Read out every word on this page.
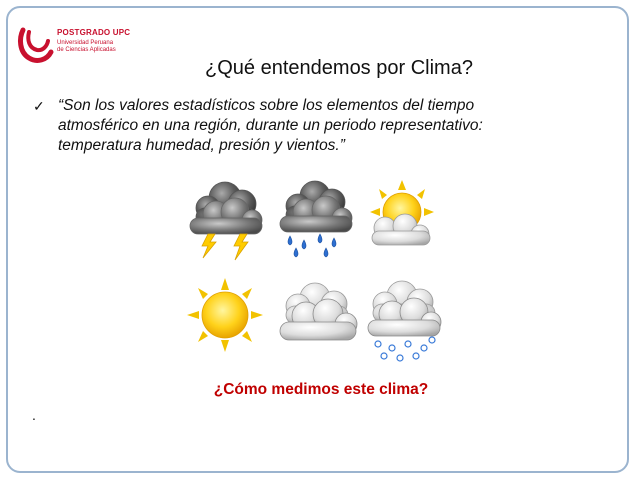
POSTGRADO UPC
Universidad Peruana
de Ciencias Aplicadas
¿Qué entendemos por Clima?
✓ “Son los valores estadísticos sobre los elementos del tiempo
atmosférico en una región, durante un periodo representativo:
temperatura humedad, presión y vientos.”
¿Cómo medimos este clima?
.
